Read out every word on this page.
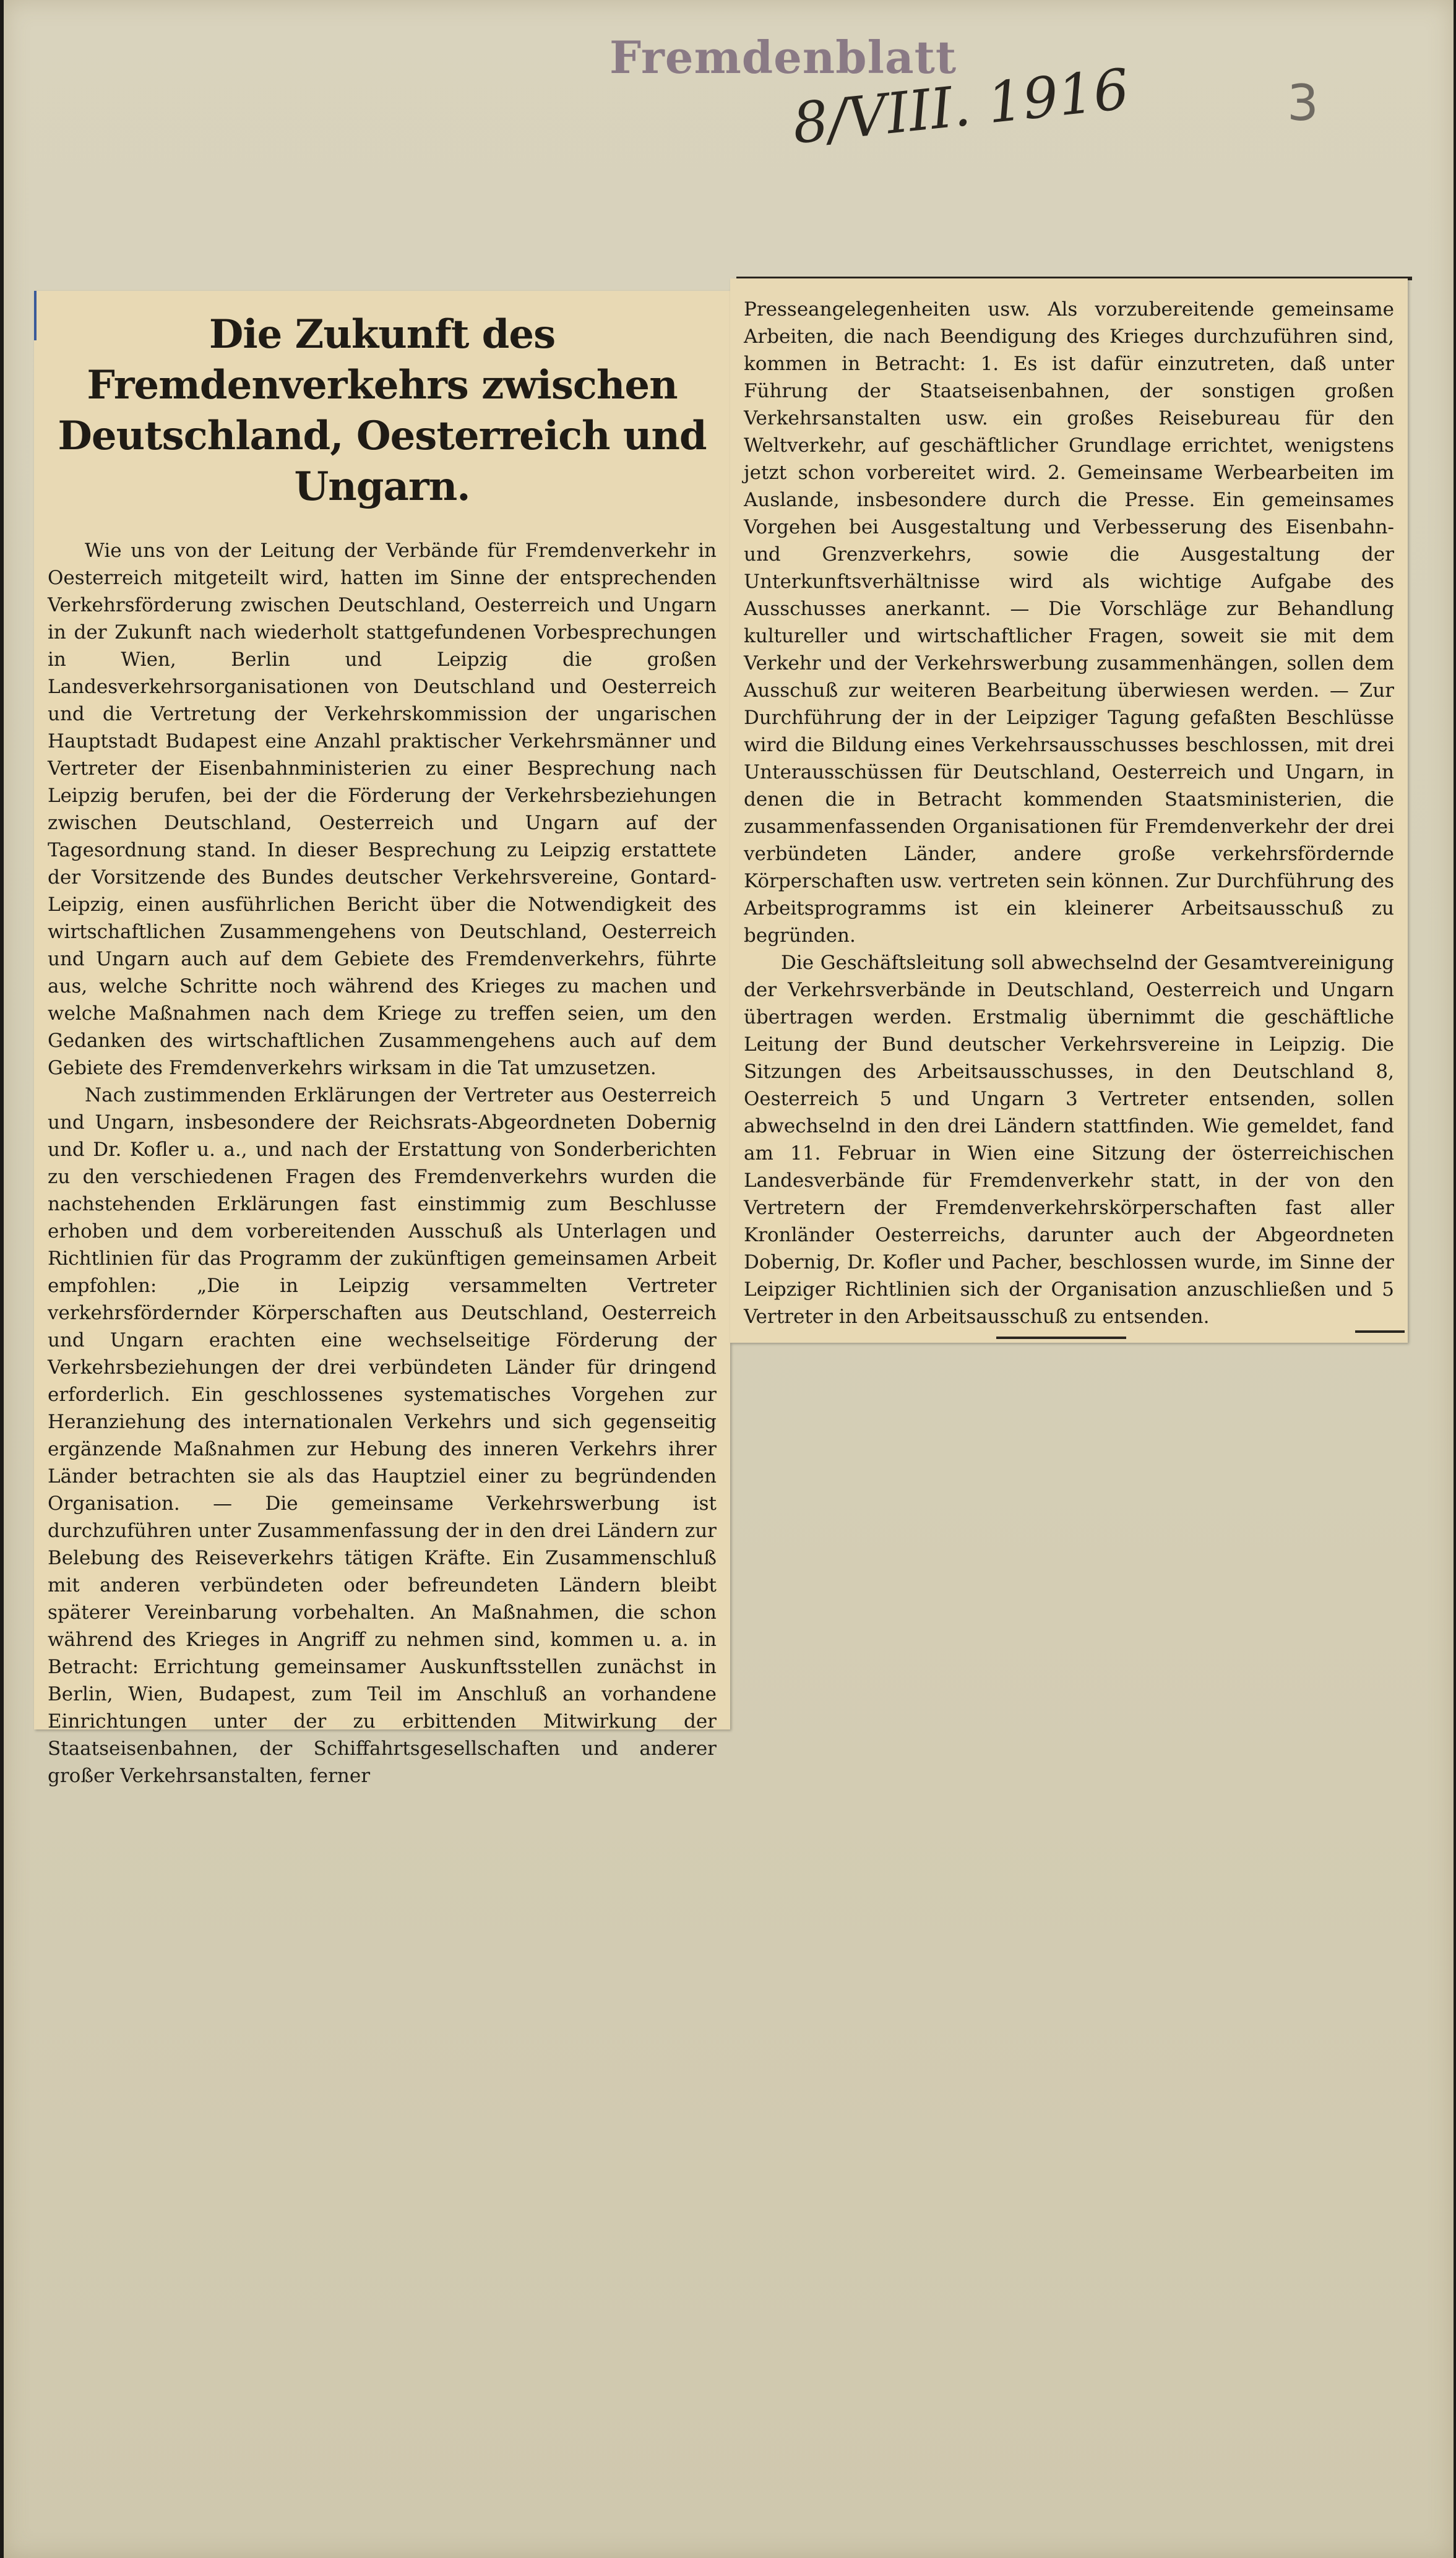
Fremdenblatt
8/VIII. 1916	3
Die Zukunft des Fremdenverkehrs zwischen Deutschland, Oesterreich und Ungarn.

Wie uns von der Leitung der Verbände für Fremdenverkehr in Oesterreich mitgeteilt wird, hatten im Sinne der entsprechenden Verkehrsförderung zwischen Deutschland, Oesterreich und Ungarn in der Zukunft nach wiederholt stattgefundenen Vorbesprechungen in Wien, Berlin und Leipzig die großen Landesverkehrsorganisationen von Deutschland und Oesterreich und die Vertretung der Verkehrskommission der ungarischen Hauptstadt Budapest eine Anzahl praktischer Verkehrsmänner und Vertreter der Eisenbahnministerien zu einer Besprechung nach Leipzig berufen, bei der die Förderung der Verkehrsbeziehungen zwischen Deutschland, Oesterreich und Ungarn auf der Tagesordnung stand. In dieser Besprechung zu Leipzig erstattete der Vorsitzende des Bundes deutscher Verkehrsvereine, Gontard-Leipzig, einen ausführlichen Bericht über die Notwendigkeit des wirtschaftlichen Zusammengehens von Deutschland, Oesterreich und Ungarn auch auf dem Gebiete des Fremdenverkehrs, führte aus, welche Schritte noch während des Krieges zu machen und welche Maßnahmen nach dem Kriege zu treffen seien, um den Gedanken des wirtschaftlichen Zusammengehens auch auf dem Gebiete des Fremdenverkehrs wirksam in die Tat umzusetzen.

Nach zustimmenden Erklärungen der Vertreter aus Oesterreich und Ungarn, insbesondere der Reichsrats-Abgeordneten Dobernig und Dr. Kofler u. a., und nach der Erstattung von Sonderberichten zu den verschiedenen Fragen des Fremdenverkehrs wurden die nachstehenden Erklärungen fast einstimmig zum Beschlusse erhoben und dem vorbereitenden Ausschuß als Unterlagen und Richtlinien für das Programm der zukünftigen gemeinsamen Arbeit empfohlen: „Die in Leipzig versammelten Vertreter verkehrsfördernder Körperschaften aus Deutschland, Oesterreich und Ungarn erachten eine wechselseitige Förderung der Verkehrsbeziehungen der drei verbündeten Länder für dringend erforderlich. Ein geschlossenes systematisches Vorgehen zur Heranziehung des internationalen Verkehrs und sich gegenseitig ergänzende Maßnahmen zur Hebung des inneren Verkehrs ihrer Länder betrachten sie als das Hauptziel einer zu begründenden Organisation. — Die gemeinsame Verkehrswerbung ist durchzuführen unter Zusammenfassung der in den drei Ländern zur Belebung des Reiseverkehrs tätigen Kräfte. Ein Zusammenschluß mit anderen verbündeten oder befreundeten Ländern bleibt späterer Vereinbarung vorbehalten. An Maßnahmen, die schon während des Krieges in Angriff zu nehmen sind, kommen u. a. in Betracht: Errichtung gemeinsamer Auskunftsstellen zunächst in Berlin, Wien, Budapest, zum Teil im Anschluß an vorhandene Einrichtungen unter der zu erbittenden Mitwirkung der Staatseisenbahnen, der Schiffahrtsgesellschaften und anderer großer Verkehrsanstalten, ferner

Presseangelegenheiten usw. Als vorzubereitende gemeinsame Arbeiten, die nach Beendigung des Krieges durchzuführen sind, kommen in Betracht: 1. Es ist dafür einzutreten, daß unter Führung der Staatseisenbahnen, der sonstigen großen Verkehrsanstalten usw. ein großes Reisebureau für den Weltverkehr, auf geschäftlicher Grundlage errichtet, wenigstens jetzt schon vorbereitet wird. 2. Gemeinsame Werbearbeiten im Auslande, insbesondere durch die Presse. Ein gemeinsames Vorgehen bei Ausgestaltung und Verbesserung des Eisenbahn- und Grenzverkehrs, sowie die Ausgestaltung der Unterkunftsverhältnisse wird als wichtige Aufgabe des Ausschusses anerkannt. — Die Vorschläge zur Behandlung kultureller und wirtschaftlicher Fragen, soweit sie mit dem Verkehr und der Verkehrswerbung zusammenhängen, sollen dem Ausschuß zur weiteren Bearbeitung überwiesen werden. — Zur Durchführung der in der Leipziger Tagung gefaßten Beschlüsse wird die Bildung eines Verkehrsausschusses beschlossen, mit drei Unterausschüssen für Deutschland, Oesterreich und Ungarn, in denen die in Betracht kommenden Staatsministerien, die zusammenfassenden Organisationen für Fremdenverkehr der drei verbündeten Länder, andere große verkehrsfördernde Körperschaften usw. vertreten sein können. Zur Durchführung des Arbeitsprogramms ist ein kleinerer Arbeitsausschuß zu begründen.

Die Geschäftsleitung soll abwechselnd der Gesamtvereinigung der Verkehrsverbände in Deutschland, Oesterreich und Ungarn übertragen werden. Erstmalig übernimmt die geschäftliche Leitung der Bund deutscher Verkehrsvereine in Leipzig. Die Sitzungen des Arbeitsausschusses, in den Deutschland 8, Oesterreich 5 und Ungarn 3 Vertreter entsenden, sollen abwechselnd in den drei Ländern stattfinden. Wie gemeldet, fand am 11. Februar in Wien eine Sitzung der österreichischen Landesverbände für Fremdenverkehr statt, in der von den Vertretern der Fremdenverkehrskörperschaften fast aller Kronländer Oesterreichs, darunter auch der Abgeordneten Dobernig, Dr. Kofler und Pacher, beschlossen wurde, im Sinne der Leipziger Richtlinien sich der Organisation anzuschließen und 5 Vertreter in den Arbeitsausschuß zu entsenden.
